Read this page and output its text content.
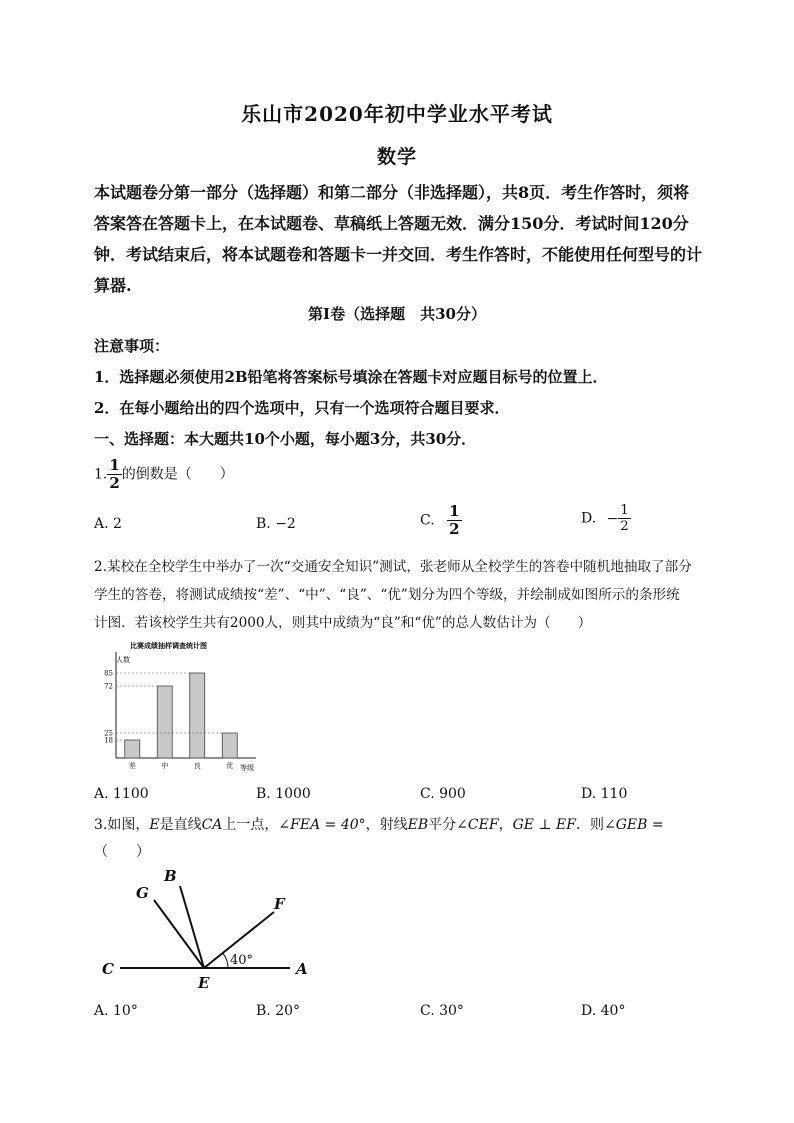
乐山市2020年初中学业水平考试
数学
本试题卷分第一部分（选择题）和第二部分（非选择题），共8页．考生作答时，须将
答案答在答题卡上，在本试题卷、草稿纸上答题无效．满分150分．考试时间120分
钟．考试结束后，将本试题卷和答题卡一并交回．考生作答时，不能使用任何型号的计
算器.
第Ⅰ卷（选择题　共30分）
注意事项：
1．选择题必须使用2B铅笔将答案标号填涂在答题卡对应题目标号的位置上．
2．在每小题给出的四个选项中，只有一个选项符合题目要求．
一、选择题：本大题共10个小题，每小题3分，共30分．
1. $\frac{1}{2}$ 的倒数是（　　）
A. 2	B. −2	C. $\frac{1}{2}$	D. − $\frac{1}{2}$
2.某校在全校学生中举办了一次“交通安全知识”测试，张老师从全校学生的答卷中随机地抽取了部分
学生的答卷，将测试成绩按“差”、“中”、“良”、“优”划分为四个等级，并绘制成如图所示的条形统
计图．若该校学生共有2000人，则其中成绩为“良”和“优”的总人数估计为（　　）
比赛成绩抽样调查统计图
人数
等级
差	中	良	优
18
25
72
85
A. 1100	B. 1000	C. 900	D. 110
3.如图，E是直线CA上一点，∠FEA = 40°，射线EB平分∠CEF，GE ⊥ EF．则∠GEB =
（　　）
G
B
F
C	A
E
40°
A. 10°	B. 20°	C. 30°	D. 40°
